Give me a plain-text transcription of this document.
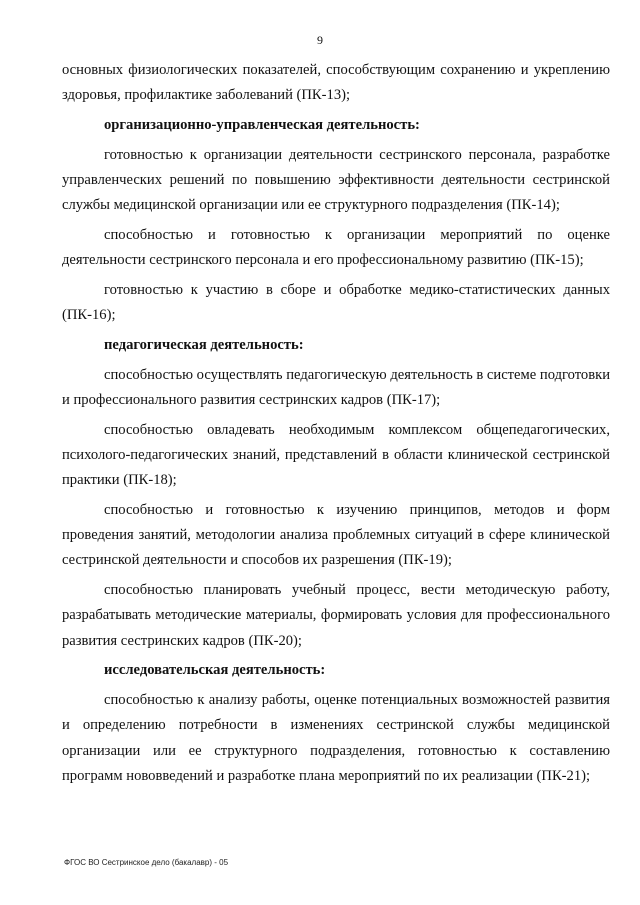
9

основных физиологических показателей, способствующим сохранению и укреплению здоровья, профилактике заболеваний (ПК-13);

организационно-управленческая деятельность:

готовностью к организации деятельности сестринского персонала, разработке управленческих решений по повышению эффективности деятельности сестринской службы медицинской организации или ее структурного подразделения (ПК-14);

способностью и готовностью к организации мероприятий по оценке деятельности сестринского персонала и его профессиональному развитию (ПК-15);

готовностью к участию в сборе и обработке медико-статистических данных (ПК-16);

педагогическая деятельность:

способностью осуществлять педагогическую деятельность в системе подготовки и профессионального развития сестринских кадров (ПК-17);

способностью овладевать необходимым комплексом общепедагогических, психолого-педагогических знаний, представлений в области клинической сестринской практики (ПК-18);

способностью и готовностью к изучению принципов, методов и форм проведения занятий, методологии анализа проблемных ситуаций в сфере клинической сестринской деятельности и способов их разрешения (ПК-19);

способностью планировать учебный процесс, вести методическую работу, разрабатывать методические материалы, формировать условия для профессионального развития сестринских кадров (ПК-20);

исследовательская деятельность:

способностью к анализу работы, оценке потенциальных возможностей развития и определению потребности в изменениях сестринской службы медицинской организации или ее структурного подразделения, готовностью к составлению программ нововведений и разработке плана мероприятий по их реализации (ПК-21);

ФГОС ВО Сестринское дело (бакалавр) - 05
